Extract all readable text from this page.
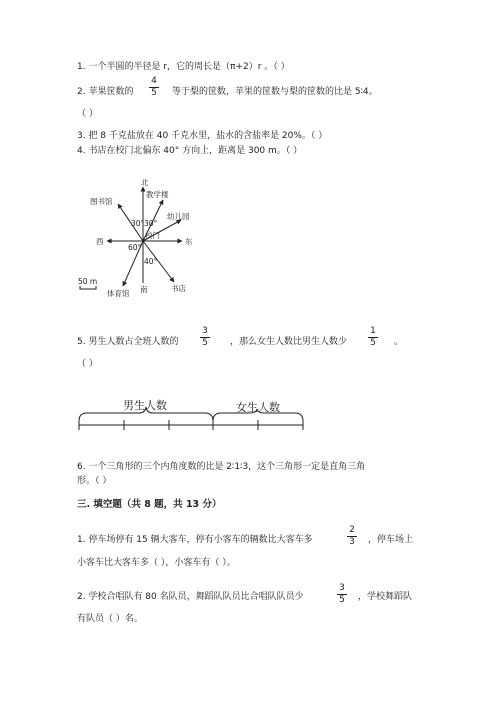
1. 一个半圆的半径是 r，它的周长是（π+2）r 。（ ）
2. 苹果筐数的
4
5	等于梨的筐数，苹果的筐数与梨的筐数的比是 5∶4。
（ ）
3. 把 8 千克盐放在 40 千克水里，盐水的含盐率是 20%。（ ）
4. 书店在校门北偏东 40° 方向上，距离是 300 m。（ ）
北
图书馆
教学楼
30° 30°
幼儿园
校门
西	东
60°
40°
50 m
体育馆 南	书店
5. 男生人数占全班人数的
3
5	，那么女生人数比男生人数少
1
5	。
（ ）
男生人数	女生人数
6. 一个三角形的三个内角度数的比是 2∶1∶3，这个三角形一定是直角三角
形。（ ）
三. 填空题（共 8 题，共 13 分）
1. 停车场停有 15 辆大客车，停有小客车的辆数比大客车多
2
3	，停车场上
小客车比大客车多（ ），小客车有（ ）。
2. 学校合唱队有 80 名队员，舞蹈队队员比合唱队队员少
3
5	，学校舞蹈队
有队员（ ）名。
